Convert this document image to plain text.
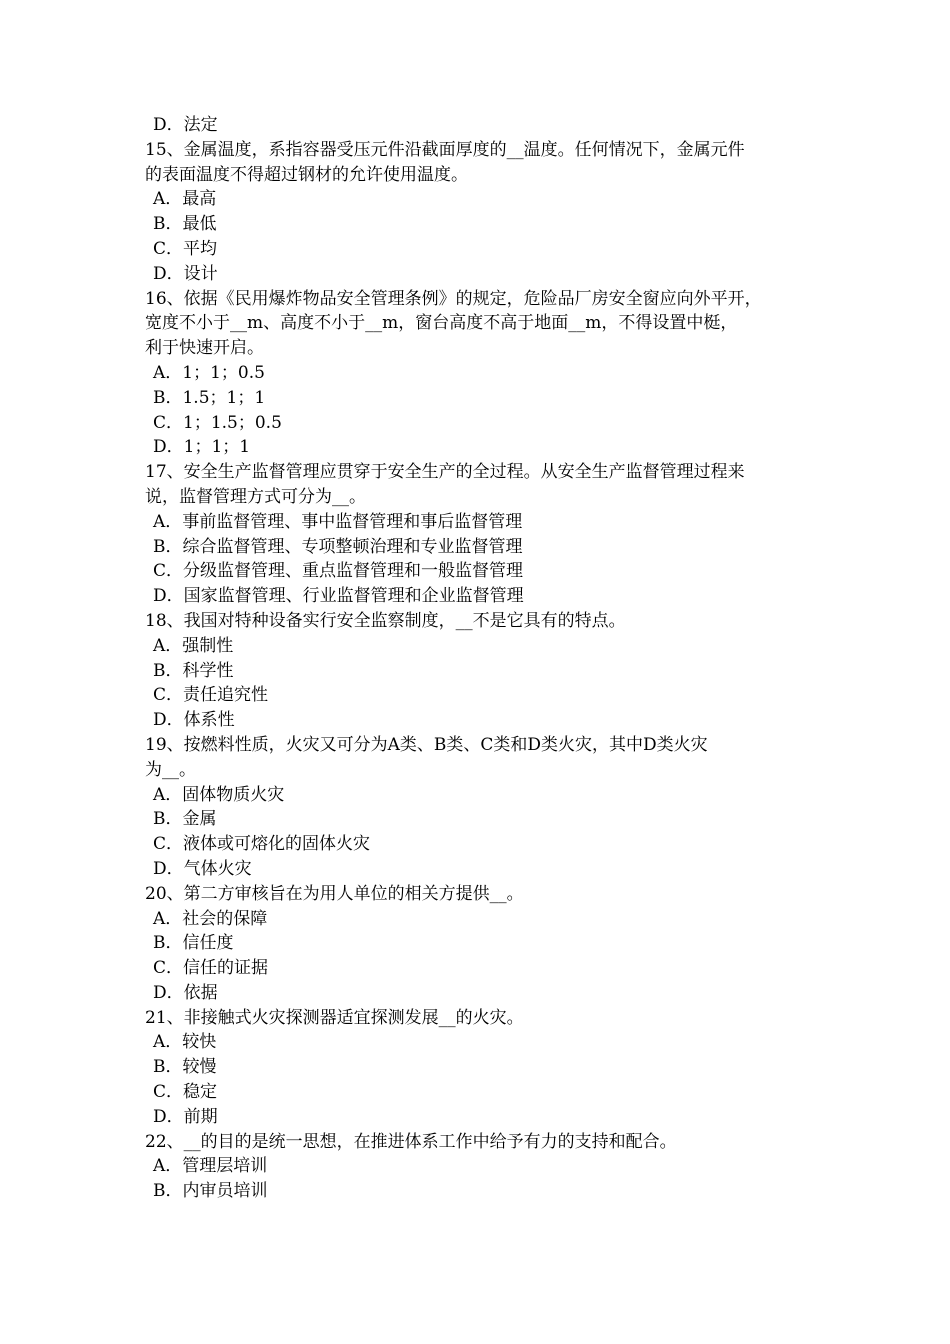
D．法定
15、金属温度，系指容器受压元件沿截面厚度的__温度。任何情况下，金属元件
的表面温度不得超过钢材的允许使用温度。
A．最高
B．最低
C．平均
D．设计
16、依据《民用爆炸物品安全管理条例》的规定，危险品厂房安全窗应向外平开，
宽度不小于__m、高度不小于__m，窗台高度不高于地面__m，不得设置中梃，
利于快速开启。
A．1；1；0.5
B．1.5；1；1
C．1；1.5；0.5
D．1；1；1
17、安全生产监督管理应贯穿于安全生产的全过程。从安全生产监督管理过程来
说，监督管理方式可分为__。
A．事前监督管理、事中监督管理和事后监督管理
B．综合监督管理、专项整顿治理和专业监督管理
C．分级监督管理、重点监督管理和一般监督管理
D．国家监督管理、行业监督管理和企业监督管理
18、我国对特种设备实行安全监察制度，__不是它具有的特点。
A．强制性
B．科学性
C．责任追究性
D．体系性
19、按燃料性质，火灾又可分为A类、B类、C类和D类火灾，其中D类火灾
为__。
A．固体物质火灾
B．金属
C．液体或可熔化的固体火灾
D．气体火灾
20、第二方审核旨在为用人单位的相关方提供__。
A．社会的保障
B．信任度
C．信任的证据
D．依据
21、非接触式火灾探测器适宜探测发展__的火灾。
A．较快
B．较慢
C．稳定
D．前期
22、__的目的是统一思想，在推进体系工作中给予有力的支持和配合。
A．管理层培训
B．内审员培训
